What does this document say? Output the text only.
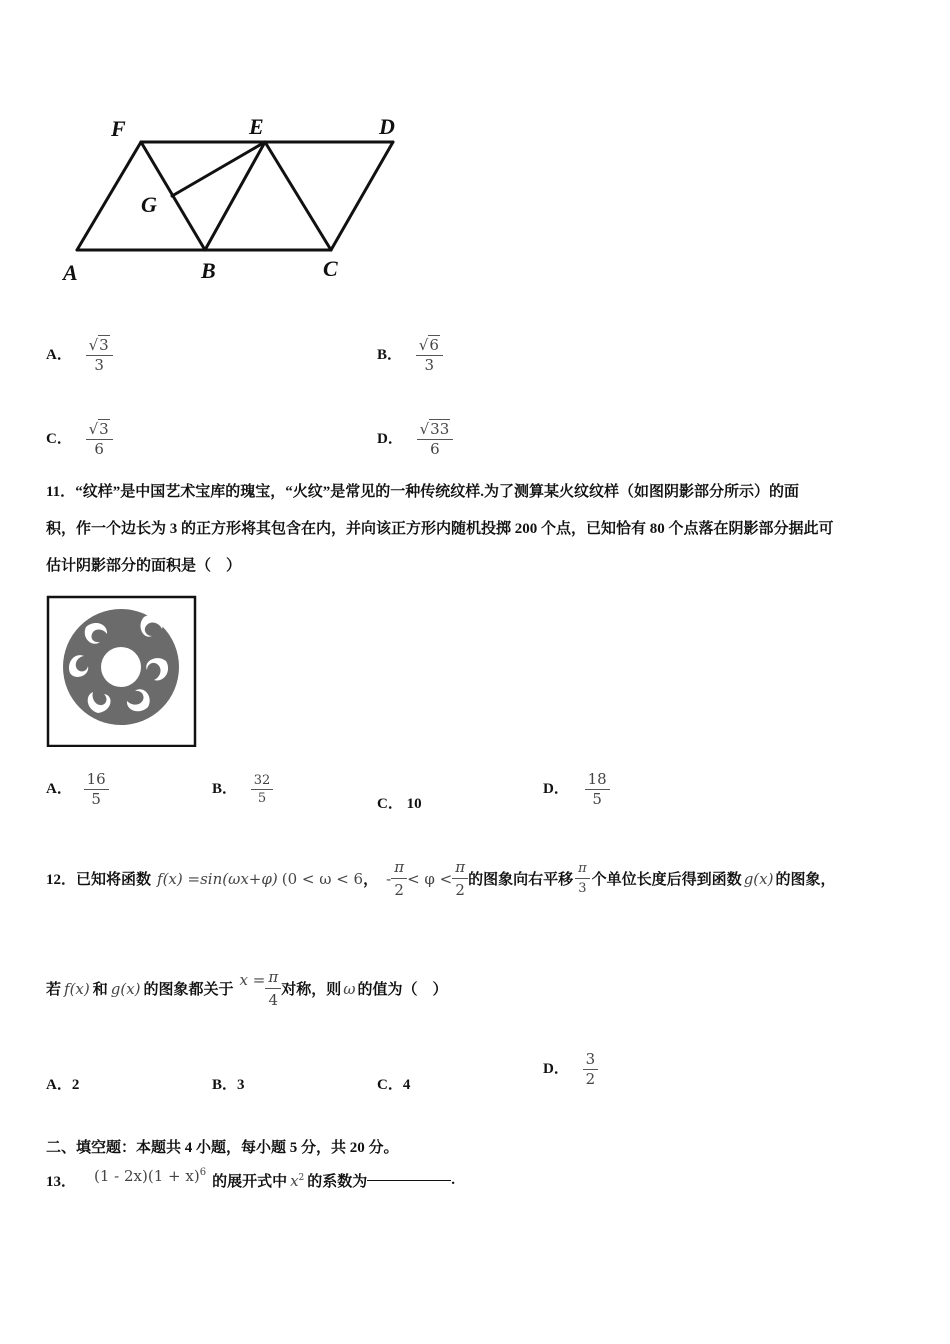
F	E	D
G
A	B	C
A． $\frac{√3}{3}$	B． $\frac{√6}{3}$
C． $\frac{√3}{6}$	D． $\frac{√33}{6}$
11．“纹样”是中国艺术宝库的瑰宝，“火纹”是常见的一种传统纹样.为了测算某火纹纹样（如图阴影部分所示）的面
积，作一个边长为 3 的正方形将其包含在内，并向该正方形内随机投掷 200 个点，已知恰有 80 个点落在阴影部分据此可
估计阴影部分的面积是（　）
A． $\frac{16}{5}$	B． $\frac{32}{5}$	C． 10
D． $\frac{18}{5}$
12． 已知将函数 f(x) =sin(ωx+φ) ( 0 < ω < 6 ， - $\frac{\pi}{2} < \varphi < \frac{\pi}{2}$ 的图象向右平移 $\frac{\pi}{3}$ 个单位长度后得到函数 g(x) 的图象，
若 f(x) 和 g(x) 的图象都关于
$x = \frac{\pi}{4}$ 对称，则 ω 的值为（　）
A．2	B．3	C．4
D． $\frac{3}{2}$
二、填空题：本题共 4 小题，每小题 5 分，共 20 分。
13． $(1 - 2x)(1 + x)^6$
的展开式中 $x^2$ 的系数为	.
